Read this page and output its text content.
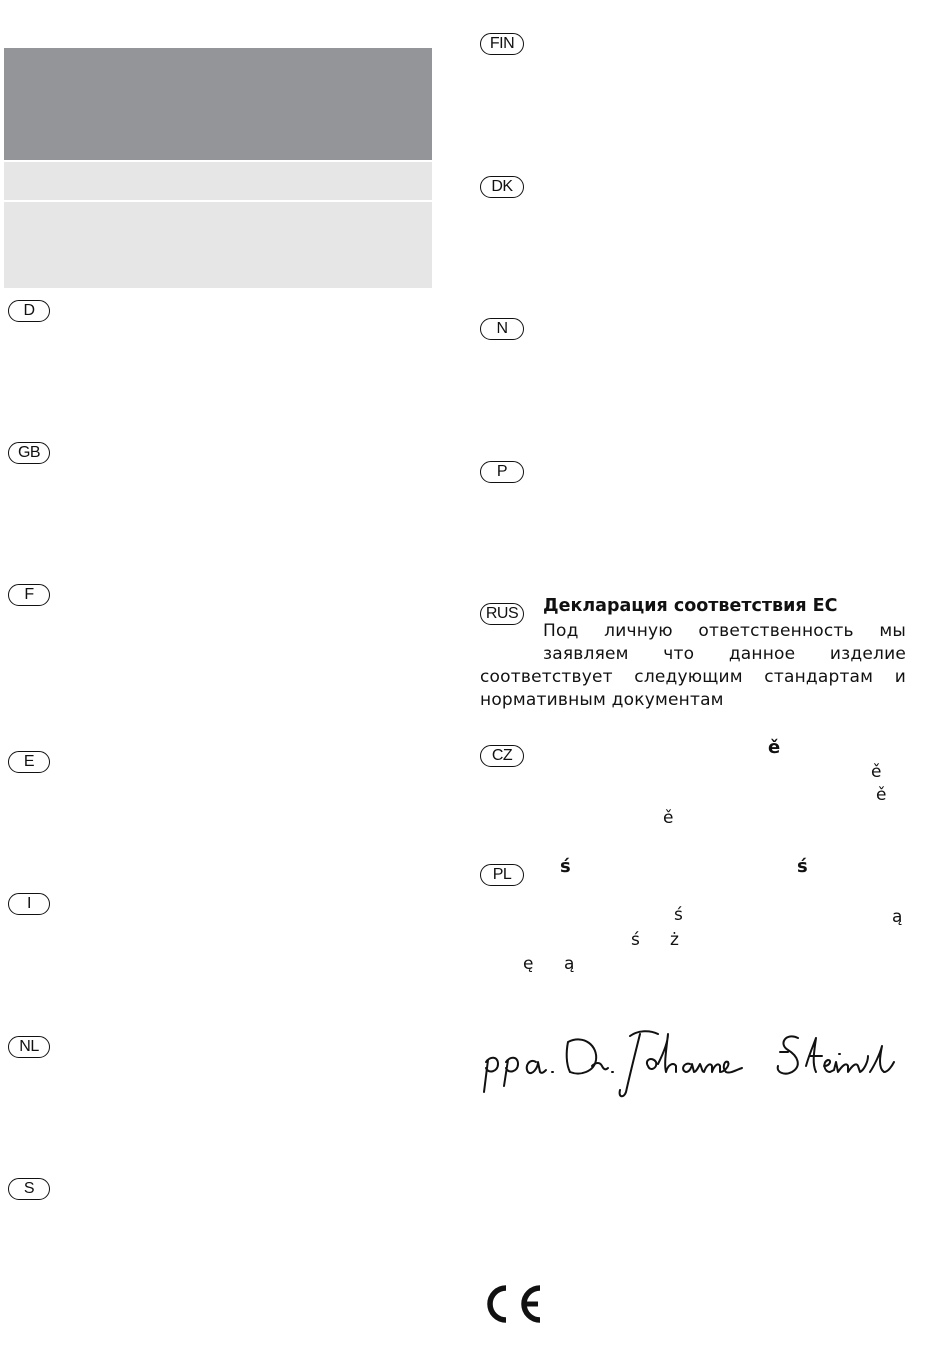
D
GB
F
E
I
NL
S
FIN
DK
N
P
RUS
CZ
PL
Декларация соответствия ЕС
Под личную ответственность мы
заявляем что данное изделие
соответствует следующим стандартам и нормативным документам
ě
ě
ě
ě
ś	ś
ś	ą
ś ż
ę ą
